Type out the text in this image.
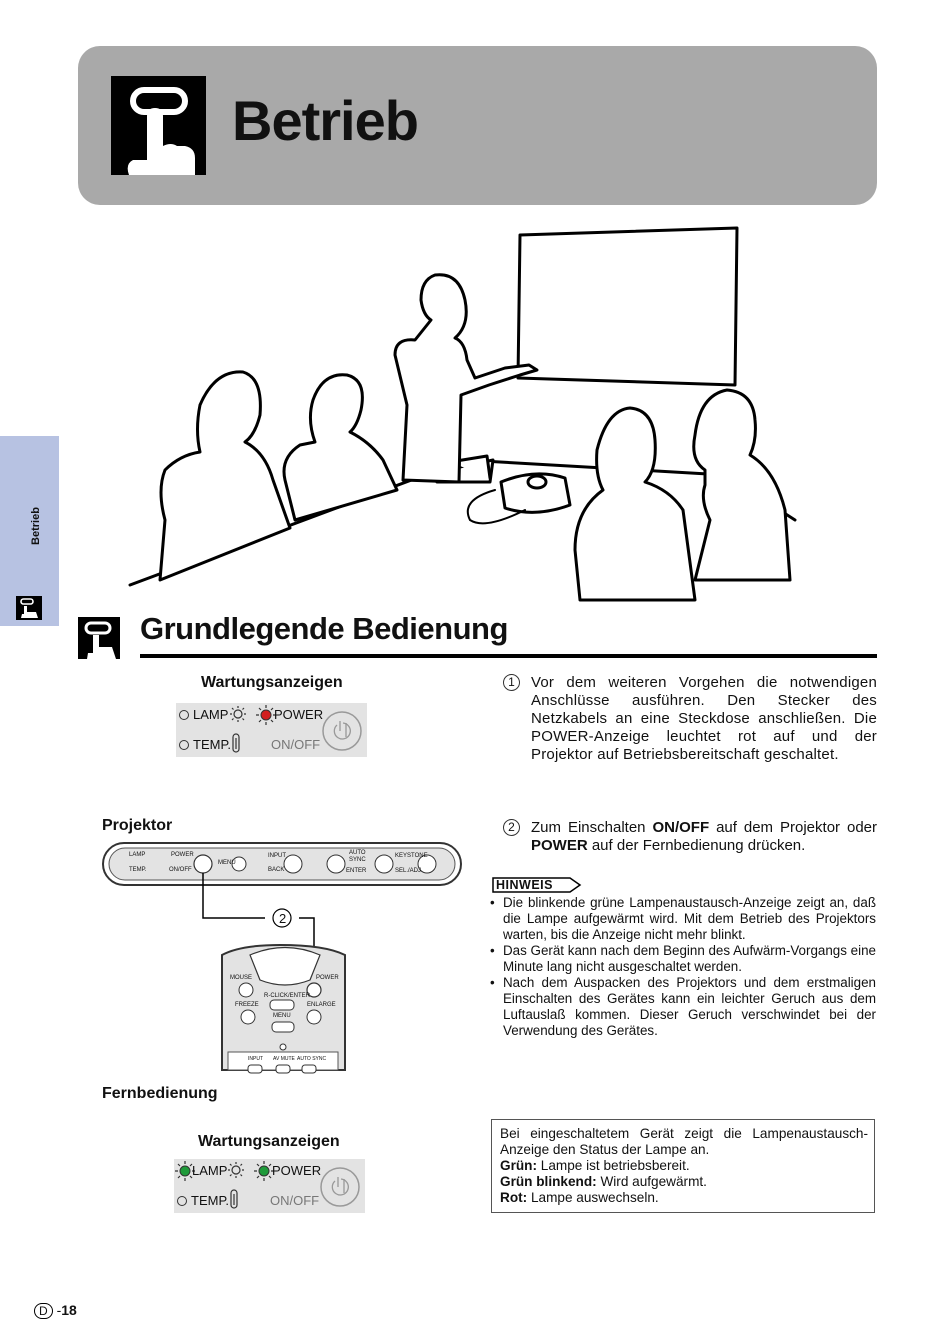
Betrieb
Betrieb
Grundlegende Bedienung
Wartungsanzeigen
LAMP	POWER
TEMP.	ON/OFF
Projektor
LAMP	POWER
TEMP.	ON/OFF
MENU
INPUT
BACK
AUTO
SYNC
ENTER
KEYSTONE
SEL./ADJ.
2
MOUSE	POWER
R-CLICK/ENTER
FREEZE	ENLARGE
MENU
INPUT AV MUTE AUTO SYNC
Fernbedienung
Wartungsanzeigen
LAMP	POWER
TEMP.	ON/OFF
1	Vor dem weiteren Vorgehen die notwendigen Anschlüsse ausführen. Den Stecker des Netzkabels an eine Steckdose anschließen. Die POWER-Anzeige leuchtet rot auf und der Projektor auf Betriebsbereitschaft geschaltet.
2	Zum Einschalten ON/OFF auf dem Projektor oder POWER auf der Fernbedienung drücken.
HINWEIS
• Die blinkende grüne Lampenaustausch-Anzeige zeigt an, daß die Lampe aufgewärmt wird. Mit dem Betrieb des Projektors warten, bis die Anzeige nicht mehr blinkt.
• Das Gerät kann nach dem Beginn des Aufwärm-Vorgangs eine Minute lang nicht ausgeschaltet werden.
• Nach dem Auspacken des Projektors und dem erstmaligen Einschalten des Gerätes kann ein leichter Geruch aus dem Luftauslaß kommen. Dieser Geruch verschwindet bei der Verwendung des Gerätes.
Bei eingeschaltetem Gerät zeigt die Lampenaustausch-Anzeige den Status der Lampe an.
Grün: Lampe ist betriebsbereit.
Grün blinkend: Wird aufgewärmt.
Rot: Lampe auswechseln.
D -18
